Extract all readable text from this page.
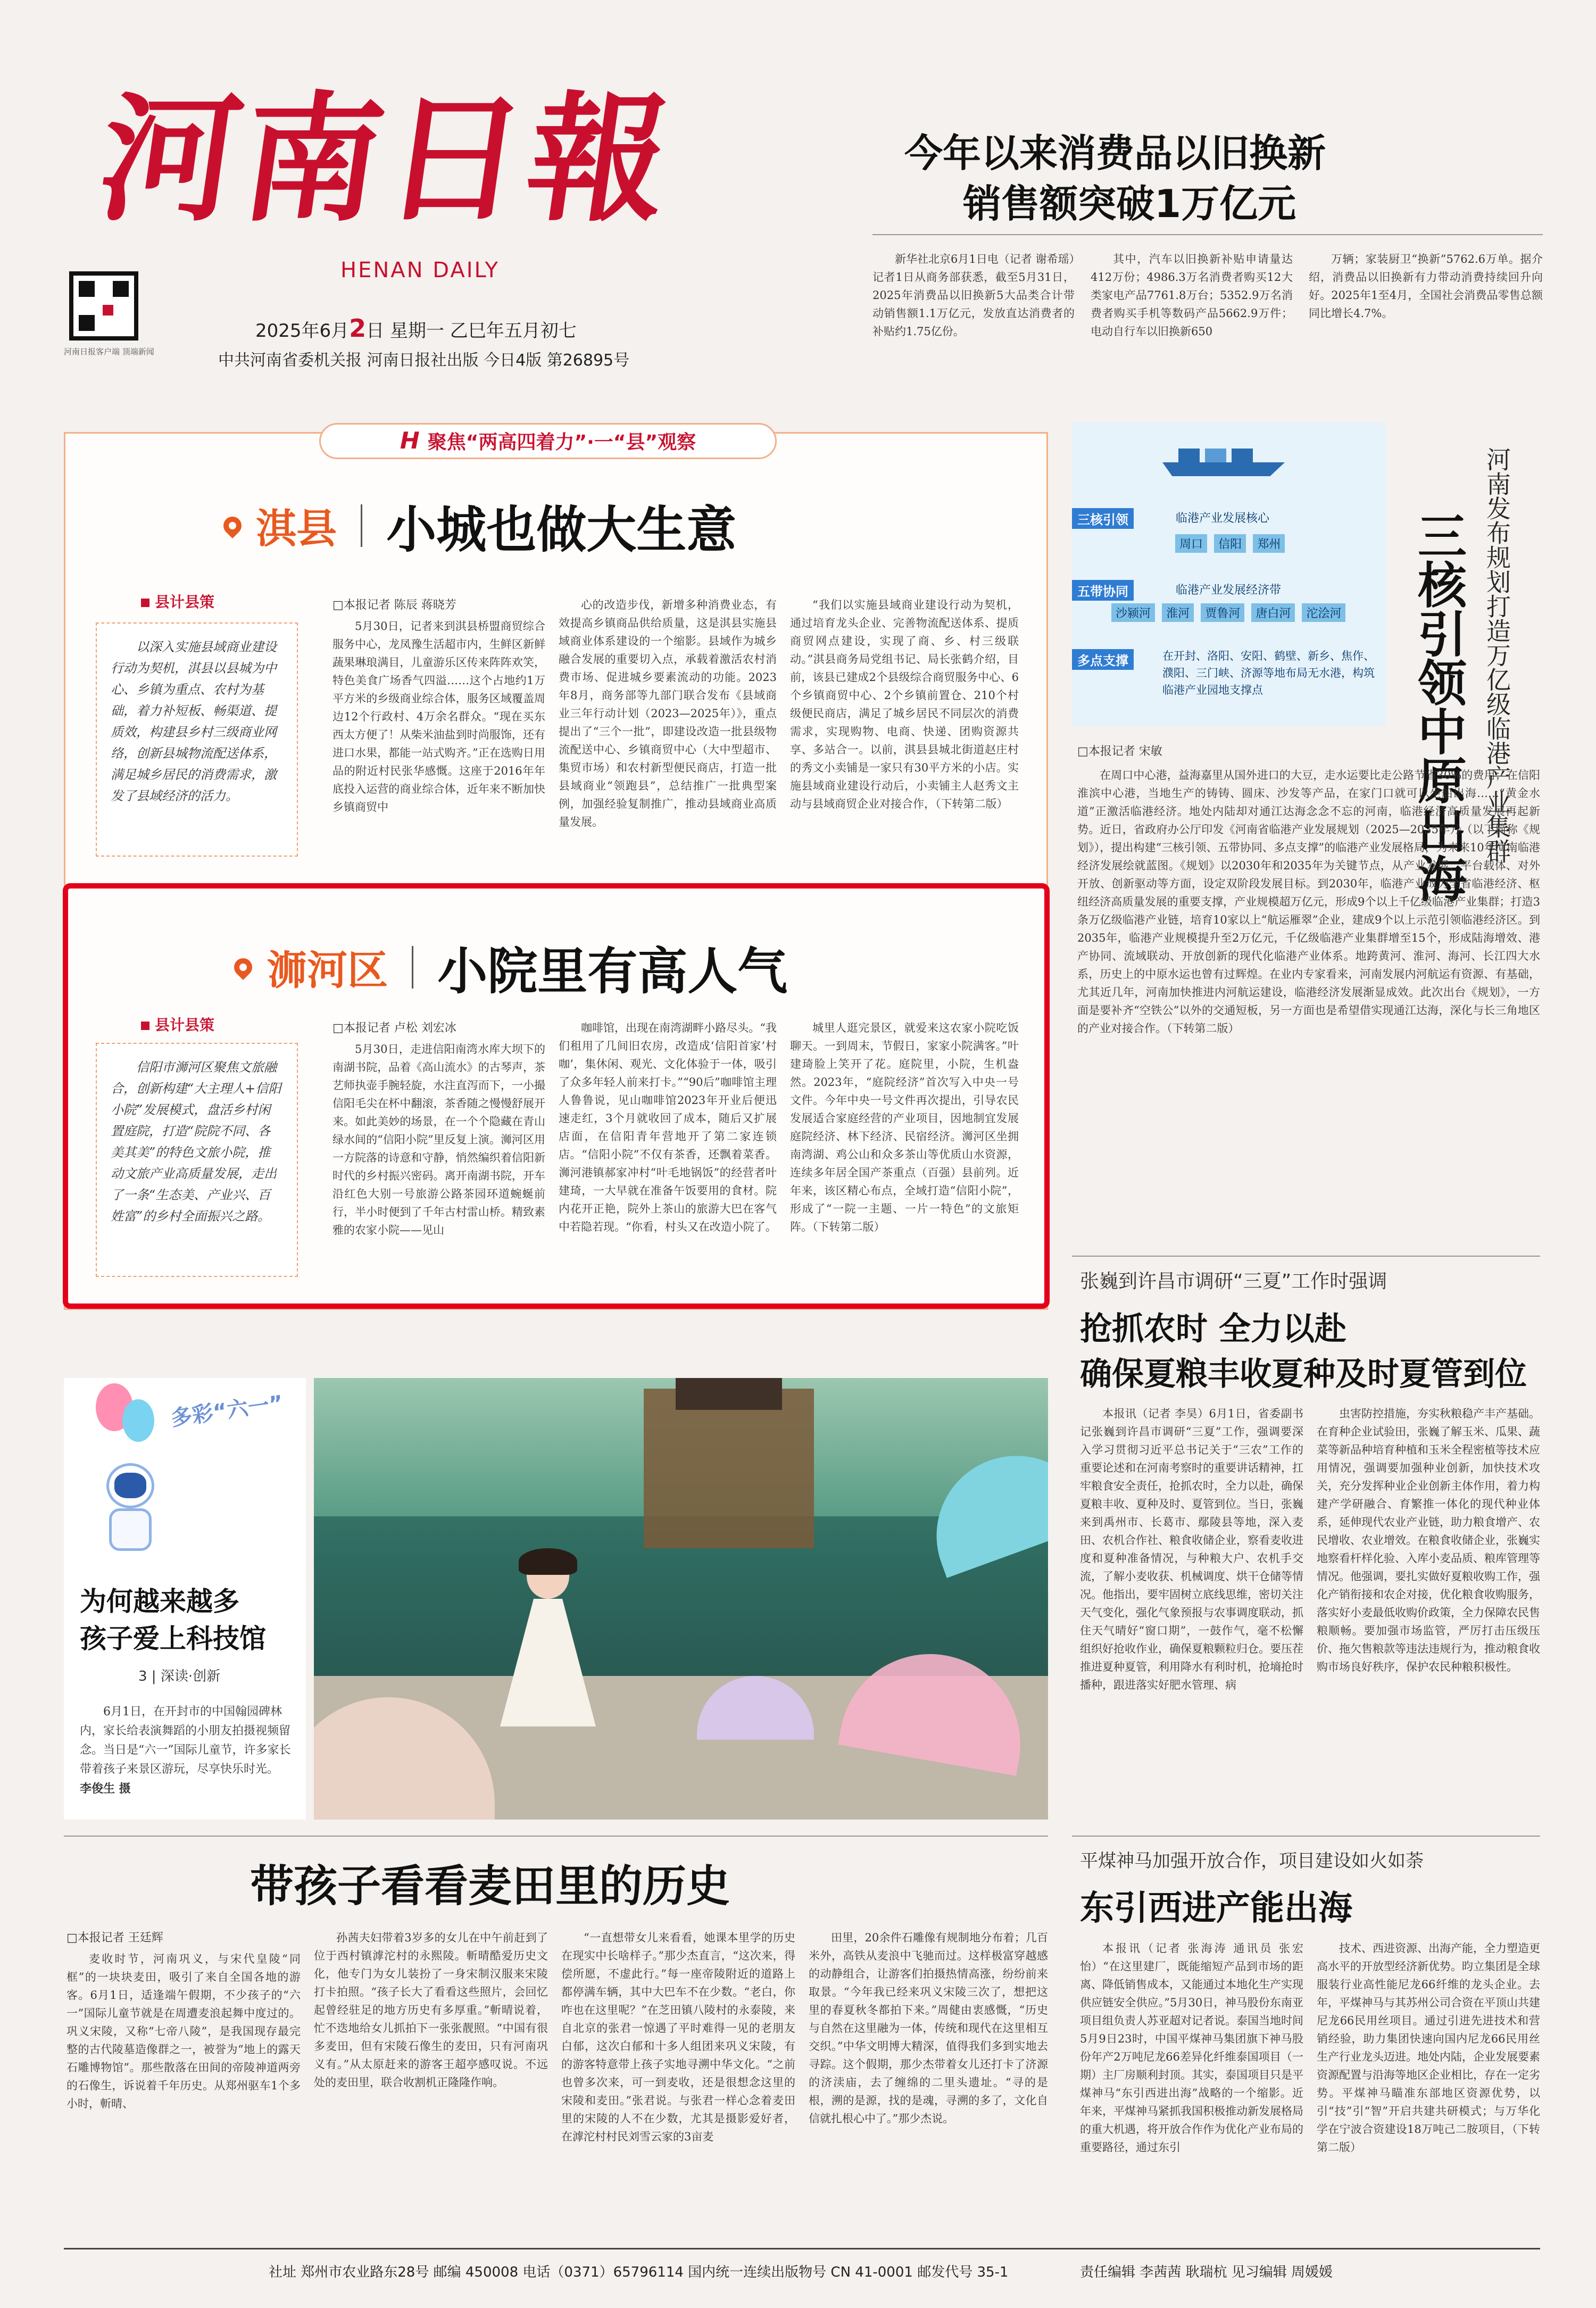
河南日報
HENAN DAILY
河南日报客户端 顶端新闻
2025年6月2日 星期一 乙巳年五月初七
中共河南省委机关报 河南日报社出版 今日4版 第26895号
今年以来消费品以旧换新
销售额突破1万亿元
新华社北京6月1日电（记者 谢希瑶）记者1日从商务部获悉，截至5月31日，2025年消费品以旧换新5大品类合计带动销售额1.1万亿元，发放直达消费者的补贴约1.75亿份。
其中，汽车以旧换新补贴申请量达412万份；4986.3万名消费者购买12大类家电产品7761.8万台；5352.9万名消费者购买手机等数码产品5662.9万件；电动自行车以旧换新650
万辆；家装厨卫“换新”5762.6万单。据介绍，消费品以旧换新有力带动消费持续回升向好。2025年1至4月，全国社会消费品零售总额同比增长4.7%。
H 聚焦“两高四着力”·一“县”观察
淇县 小城也做大生意
县计县策
以深入实施县域商业建设行动为契机，淇县以县城为中心、乡镇为重点、农村为基础，着力补短板、畅渠道、提质效，构建县乡村三级商业网络，创新县城物流配送体系，满足城乡居民的消费需求，激发了县域经济的活力。
□本报记者 陈辰 蒋晓芳
5月30日，记者来到淇县桥盟商贸综合服务中心，龙凤豫生活超市内，生鲜区新鲜蔬果琳琅满目，儿童游乐区传来阵阵欢笑，特色美食广场香气四溢……这个占地约1万平方米的乡级商业综合体，服务区域覆盖周边12个行政村、4万余名群众。“现在买东西太方便了！从柴米油盐到时尚服饰，还有进口水果，都能一站式购齐。”正在选购日用品的附近村民张华感慨。这座于2016年年底投入运营的商业综合体，近年来不断加快乡镇商贸中
心的改造步伐，新增多种消费业态，有效提高乡镇商品供给质量，这是淇县实施县域商业体系建设的一个缩影。县域作为城乡融合发展的重要切入点，承载着激活农村消费市场、促进城乡要素流动的功能。2023年8月，商务部等九部门联合发布《县域商业三年行动计划（2023—2025年）》，重点提出了“三个一批”，即建设改造一批县级物流配送中心、乡镇商贸中心（大中型超市、集贸市场）和农村新型便民商店，打造一批县域商业“领跑县”，总结推广一批典型案例，加强经验复制推广，推动县域商业高质量发展。
“我们以实施县域商业建设行动为契机，通过培育龙头企业、完善物流配送体系、提质商贸网点建设，实现了商、乡、村三级联动。”淇县商务局党组书记、局长张鹤介绍，目前，该县已建成2个县级综合商贸服务中心、6个乡镇商贸中心、2个乡镇前置仓、210个村级便民商店，满足了城乡居民不同层次的消费需求，实现购物、电商、快递、团购资源共享、多站合一。以前，淇县县城北街道赵庄村的秀文小卖铺是一家只有30平方米的小店。实施县域商业建设行动后，小卖铺主人赵秀文主动与县域商贸企业对接合作，（下转第二版）
浉河区 小院里有高人气
县计县策
信阳市浉河区聚焦文旅融合，创新构建“大主理人+信阳小院”发展模式，盘活乡村闲置庭院，打造“院院不同、各美其美”的特色文旅小院，推动文旅产业高质量发展，走出了一条“生态美、产业兴、百姓富”的乡村全面振兴之路。
□本报记者 卢松 刘宏冰
5月30日，走进信阳南湾水库大坝下的南湖书院，品着《高山流水》的古琴声，茶艺师执壶手腕轻旋，水注直泻而下，一小撮信阳毛尖在杯中翻滚，茶香随之慢慢舒展开来。如此美妙的场景，在一个个隐藏在青山绿水间的“信阳小院”里反复上演。浉河区用一方院落的诗意和守静，悄然编织着信阳新时代的乡村振兴密码。离开南湖书院，开车沿红色大别一号旅游公路茶园环道蜿蜒前行，半小时便到了千年古村雷山桥。精致素雅的农家小院——见山
咖啡馆，出现在南湾湖畔小路尽头。“我们租用了几间旧农房，改造成‘信阳首家’村咖’，集休闲、观光、文化体验于一体，吸引了众多年轻人前来打卡。”“90后”咖啡馆主理人鲁鲁说，见山咖啡馆2023年开业后便迅速走红，3个月就收回了成本，随后又扩展店面，在信阳青年营地开了第二家连锁店。“信阳小院”不仅有茶香，还飘着菜香。浉河港镇郝家冲村“叶毛地锅饭”的经营者叶建琦，一大早就在准备午饭要用的食材。院内花开正艳，院外上茶山的旅游大巴在客气中若隐若现。“你看，村头又在改造小院了。
城里人逛完景区，就爱来这农家小院吃饭聊天。一到周末，节假日，家家小院满客。”叶建琦脸上笑开了花。庭院里，小院，生机盎然。2023年，“庭院经济”首次写入中央一号文件。今年中央一号文件再次提出，引导农民发展适合家庭经营的产业项目，因地制宜发展庭院经济、林下经济、民宿经济。浉河区坐拥南湾湖、鸡公山和众多茶山等优质山水资源，连续多年居全国产茶重点（百强）县前列。近年来，该区精心布点，全域打造“信阳小院”，形成了“一院一主题、一片一特色”的文旅矩阵。（下转第二版）
三核引领	临港产业发展核心
周口 信阳 郑州
五带协同	临港产业发展经济带
沙颍河 淮河 贾鲁河 唐白河 沱浍河
多点支撑	在开封、洛阳、安阳、鹤壁、新乡、焦作、濮阳、三门峡、济源等地布局无水港，构筑临港产业园地支撑点	三核引领中原出海 河南发布规划打造万亿级临港产业集群
□本报记者 宋敏
在周口中心港，益海嘉里从国外进口的大豆，走水运要比走公路节省30%的费用；在信阳淮滨中心港，当地生产的铸铸、圆床、沙发等产品，在家门口就可以坐船出海……“黄金水道”正激活临港经济。地处内陆却对通江达海念念不忘的河南，临港经济高质量发展再起新势。近日，省政府办公厅印发《河南省临港产业发展规划（2025—2035年）》（以下简称《规划》），提出构建“三核引领、五带协同、多点支撑”的临港产业发展格局，为未来10年河南临港经济发展绘就蓝图。《规划》以2030年和2035年为关键节点，从产业发展、平台载体、对外开放、创新驱动等方面，设定双阶段发展目标。到2030年，临港产业成为全省临港经济、枢纽经济高质量发展的重要支撑，产业规模超万亿元，形成9个以上千亿级临港产业集群；打造3条万亿级临港产业链，培育10家以上“航运雁翠”企业，建成9个以上示范引领临港经济区。到2035年，临港产业规模提升至2万亿元，千亿级临港产业集群增至15个，形成陆海增效、港产协同、流域联动、开放创新的现代化临港产业体系。地跨黄河、淮河、海河、长江四大水系，历史上的中原水运也曾有过辉煌。在业内专家看来，河南发展内河航运有资源、有基础，尤其近几年，河南加快推进内河航运建设，临港经济发展渐显成效。此次出台《规划》，一方面是要补齐“空铁公”以外的交通短板，另一方面也是希望借实现通江达海，深化与长三角地区的产业对接合作。（下转第二版）
张巍到许昌市调研“三夏”工作时强调
抢抓农时 全力以赴
确保夏粮丰收夏种及时夏管到位
本报讯（记者 李昊）6月1日，省委副书记张巍到许昌市调研“三夏”工作，强调要深入学习贯彻习近平总书记关于“三农”工作的重要论述和在河南考察时的重要讲话精神，扛牢粮食安全责任，抢抓农时，全力以赴，确保夏粮丰收、夏种及时、夏管到位。当日，张巍来到禹州市、长葛市、鄢陵县等地，深入麦田、农机合作社、粮食收储企业，察看麦收进度和夏种准备情况，与种粮大户、农机手交流，了解小麦收获、机械调度、烘干仓储等情况。他指出，要牢固树立底线思维，密切关注天气变化，强化气象预报与农事调度联动，抓住天气晴好“窗口期”，一鼓作气，毫不松懈组织好抢收作业，确保夏粮颗粒归仓。要压茬推进夏种夏管，利用降水有利时机，抢墒抢时播种，跟进落实好肥水管理、病
虫害防控措施，夯实秋粮稳产丰产基础。在育种企业试验田，张巍了解玉米、瓜果、蔬菜等新品种培育种植和玉米全程密植等技术应用情况，强调要加强种业创新，加快技术攻关，充分发挥种业企业创新主体作用，着力构建产学研融合、育繁推一体化的现代种业体系，延伸现代农业产业链，助力粮食增产、农民增收、农业增效。在粮食收储企业，张巍实地察看杆样化验、入库小麦品质、粮库管理等情况。他强调，要扎实做好夏粮收购工作，强化产销衔接和农企对接，优化粮食收购服务，落实好小麦最低收购价政策，全力保障农民售粮顺畅。要加强市场监管，严厉打击压级压价、拖欠售粮款等违法违规行为，推动粮食收购市场良好秩序，保护农民种粮积极性。
多彩“六一”
为何越来越多
孩子爱上科技馆
3 | 深读·创新
6月1日，在开封市的中国翰园碑林内，家长给表演舞蹈的小朋友拍摄视频留念。当日是“六一”国际儿童节，许多家长带着孩子来景区游玩，尽享快乐时光。 李俊生 摄
带孩子看看麦田里的历史
□本报记者 王廷辉
麦收时节，河南巩义，与宋代皇陵“同框”的一块块麦田，吸引了来自全国各地的游客。6月1日，适逢端午假期，不少孩子的“六一”国际儿童节就是在周遭麦浪起舞中度过的。巩义宋陵，又称“七帝八陵”，是我国现存最完整的古代陵墓造像群之一，被誉为“地上的露天石雕博物馆”。那些散落在田间的帝陵神道两旁的石像生，诉说着千年历史。从郑州驱车1个多小时，斬晴、
孙茜夫妇带着3岁多的女儿在中午前赶到了位于西村镇滹沱村的永熙陵。斬晴酷爱历史文化，他专门为女儿装扮了一身宋制汉服来宋陵打卡拍照。“孩子长大了看看这些照片，会回忆起曾经驻足的地方历史有多厚重。”斬晴说着，忙不迭地给女儿抓拍下一张张靓照。“中国有很多麦田，但有宋陵石像生的麦田，只有河南巩义有。”从太原赶来的游客王超亭感叹说。不远处的麦田里，联合收割机正隆隆作响。
“一直想带女儿来看看，她课本里学的历史在现实中长啥样子。”那少杰直言，“这次来，得偿所愿，不虚此行。”每一座帝陵附近的道路上都停满车辆，其中大巴车不在少数。“老白，你咋也在这里呢？”在芝田镇八陵村的永泰陵，来自北京的张君一惊遇了平时难得一见的老朋友白郁，这次白郁和十多人组团来巩义宋陵，有的游客特意带上孩子实地寻溯中华文化。“之前也曾多次来，可一到麦收，还是很想念这里的宋陵和麦田。”张君说。与张君一样心念着麦田里的宋陵的人不在少数，尤其是摄影爱好者，在滹沱村村民刘雪云家的3亩麦
田里，20余件石雕像有规制地分布着；几百米外，高铁从麦浪中飞驰而过。这样极富穿越感的动静组合，让游客们拍摄热情高涨，纷纷前来取景。“今年我已经来巩义宋陵三次了，想把这里的春夏秋冬都拍下来。”周健由衷感慨，“历史与自然在这里融为一体，传统和现代在这里相互交织。”中华文明博大精深，值得我们多到实地去寻踪。这个假期，那少杰带着女儿还打卡了济源的济渎庙，去了缠绵的二里头遗址。“寻的是根，溯的是源，找的是魂，寻溯的多了，文化自信就扎根心中了。”那少杰说。
平煤神马加强开放合作，项目建设如火如荼
东引西进产能出海
本报讯（记者 张海涛 通讯员 张宏怡）“在这里建厂，既能缩短产品到市场的距离、降低销售成本，又能通过本地化生产实现供应链安全供应。”5月30日，神马股份东南亚项目组负责人苏亚超对记者说。泰国当地时间5月9日23时，中国平煤神马集团旗下神马股份年产2万吨尼龙66差异化纤维泰国项目（一期）主厂房顺利封顶。其实，泰国项目只是平煤神马“东引西进出海”战略的一个缩影。近年来，平煤神马紧抓我国积极推动新发展格局的重大机遇，将开放合作作为优化产业布局的重要路径，通过东引
技术、西进资源、出海产能，全力塑造更高水平的开放型经济新优势。昀立集团是全球服装行业高性能尼龙66纤维的龙头企业。去年，平煤神马与其苏州公司合资在平顶山共建尼龙66民用丝项目。通过引进先进技术和营销经验，助力集团快速向国内尼龙66民用丝生产行业龙头迈进。地处内陆，企业发展要素资源配置与沿海等地区企业相比，存在一定劣势。平煤神马瞄准东部地区资源优势，以引“技”引“智”开启共建共研模式；与万华化学在宁波合资建设18万吨己二胺项目，（下转第二版）
社址 郑州市农业路东28号 邮编 450008 电话（0371）65796114 国内统一连续出版物号 CN 41-0001 邮发代号 35-1	责任编辑 李茜茜 耿瑞杭 见习编辑 周媛媛
